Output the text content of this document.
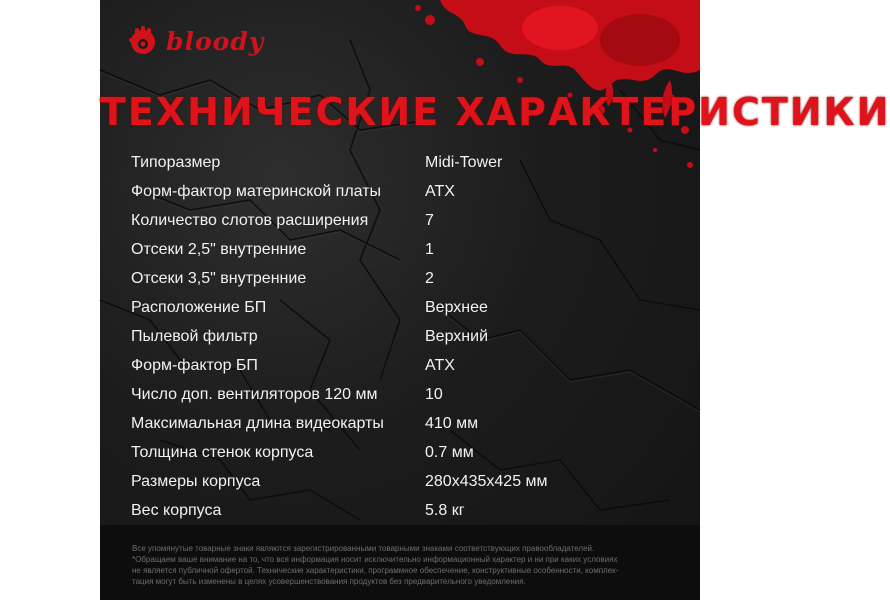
bloody
ТЕХНИЧЕСКИЕ ХАРАКТЕРИСТИКИ
Типоразмер	Midi-Tower
Форм-фактор материнской платы	ATX
Количество слотов расширения	7
Отсеки 2,5" внутренние	1
Отсеки 3,5" внутренние	2
Расположение БП	Верхнее
Пылевой фильтр	Верхний
Форм-фактор БП	ATX
Число доп. вентиляторов 120 мм	10
Максимальная длина видеокарты	410 мм
Толщина стенок корпуса	0.7 мм
Размеры корпуса	280x435x425 мм
Вес корпуса	5.8 кг
Все упомянутые товарные знаки являются зарегистрированными товарными знаками соответствующих правообладателей.
*Обращаем ваше внимание на то, что вся информация носит исключительно информационный характер и ни при каких условиях
не является публичной офертой. Технические характеристики, программное обеспечение, конструктивные особенности, комплек-
тация могут быть изменены в целях усовершенствования продуктов без предварительного уведомления.
